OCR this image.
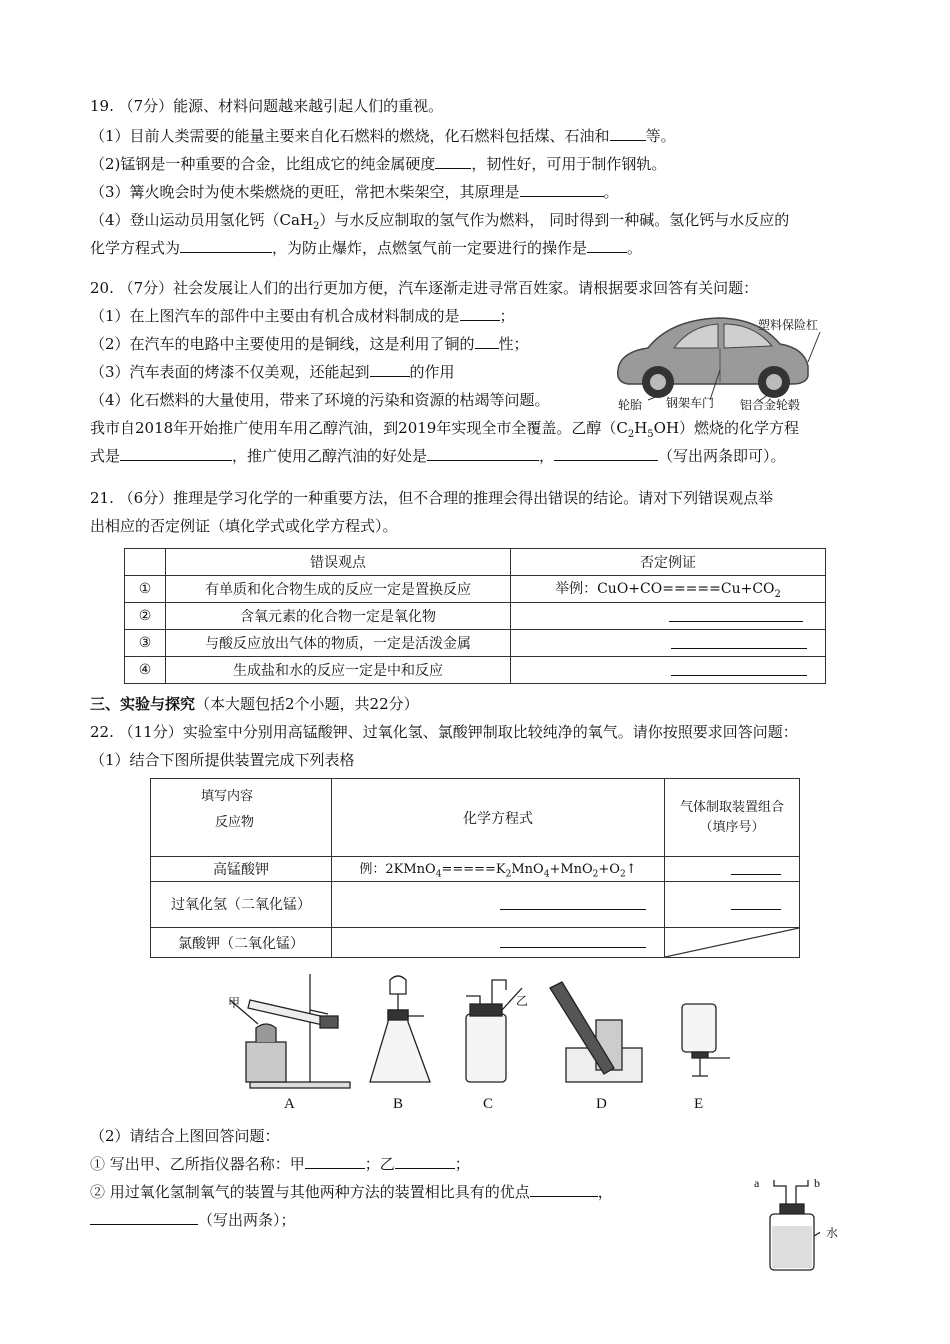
19. （7分）能源、材料问题越来越引起人们的重视。
（1）目前人类需要的能量主要来自化石燃料的燃烧，化石燃料包括煤、石油和 等。
（2)锰钢是一种重要的合金，比组成它的纯金属硬度 ，韧性好，可用于制作钢轨。
（3）篝火晚会时为使木柴燃烧的更旺，常把木柴架空，其原理是	。
（4）登山运动员用氢化钙（CaH$_2$）与水反应制取的氢气作为燃料， 同时得到一种碱。氢化钙与水反应的
化学方程式为	，为防止爆炸，点燃氢气前一定要进行的操作是	。
20. （7分）社会发展让人们的出行更加方便，汽车逐渐走进寻常百姓家。请根据要求回答有关问题：
（1）在上图汽车的部件中主要由有机合成材料制成的是	；
（2）在汽车的电路中主要使用的是铜线，这是利用了铜的 性；
（3）汽车表面的烤漆不仅美观，还能起到	的作用
（4）化石燃料的大量使用，带来了环境的污染和资源的枯竭等问题。
我市自2018年开始推广使用车用乙醇汽油，到2019年实现全市全覆盖。乙醇$(C_2H_5OH)$燃烧的化学方程
式是	，推广使用乙醇汽油的好处是	，	（写出两条即可）。
塑料保险杠
轮胎 钢架车门 铝合金轮毂
21. （6分）推理是学习化学的一种重要方法，但不合理的推理会得出错误的结论。请对下列错误观点举
出相应的否定例证（填化学式或化学方程式）。
	错误观点	否定例证
①	有单质和化合物生成的反应一定是置换反应	举例：$CuO+CO=====Cu+CO_2$
②	含氧元素的化合物一定是氧化物	
③	与酸反应放出气体的物质，一定是活泼金属	
④	生成盐和水的反应一定是中和反应	
三、实验与探究（本大题包括2个小题，共22分）
22. （11分）实验室中分别用高锰酸钾、过氧化氢、氯酸钾制取比较纯净的氧气。请你按照要求回答问题：
（1）结合下图所提供装置完成下列表格
填写内容
反应物	化学方程式	气体制取装置组合（填序号）
高锰酸钾	例：$2KMnO_4=====K_2MnO_4+MnO_2+O_2↑$	
过氧化氢（二氧化锰）		
氯酸钾（二氧化锰）		
甲	乙
A	B	C	D	E
（2）请结合上图回答问题：
① 写出甲、乙所指仪器名称：甲	；乙	；
② 用过氧化氢制氧气的装置与其他两种方法的装置相比具有的优点	，
（写出两条）；
a	b
水
